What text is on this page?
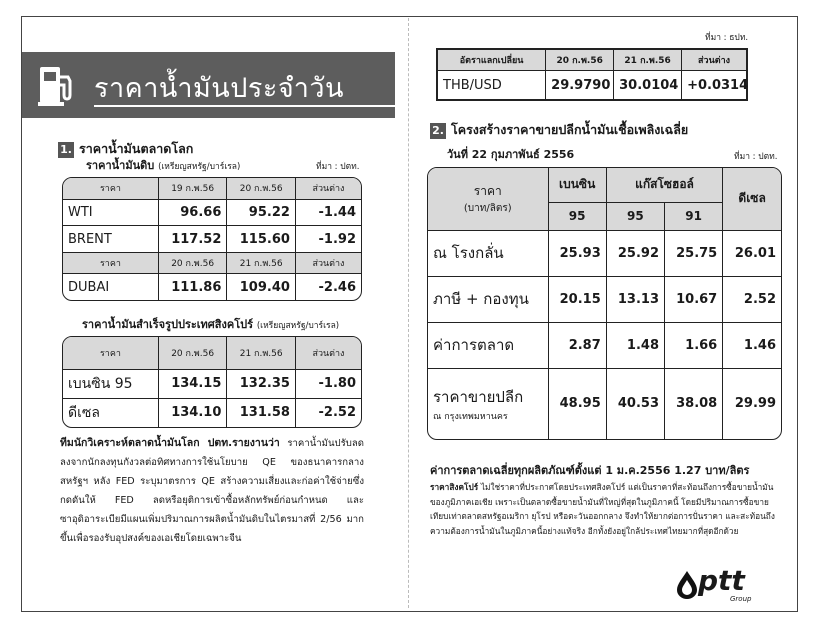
ราคาน้ำมันประจำวัน
1. ราคาน้ำมันตลาดโลก
ราคาน้ำมันดิบ (เหรียญสหรัฐ/บาร์เรล)	ที่มา : ปตท.
ราคา	19 ก.พ.56	20 ก.พ.56	ส่วนต่าง
WTI	96.66	95.22	-1.44
BRENT	117.52	115.60	-1.92
ราคา	20 ก.พ.56	21 ก.พ.56	ส่วนต่าง
DUBAI	111.86	109.40	-2.46
ราคาน้ำมันสำเร็จรูปประเทศสิงคโปร์ (เหรียญสหรัฐ/บาร์เรล)
ราคา	20 ก.พ.56	21 ก.พ.56	ส่วนต่าง
เบนซิน 95	134.15	132.35	-1.80
ดีเซล	134.10	131.58	-2.52
ทีมนักวิเคราะห์ตลาดน้ำมันโลก ปตท.รายงานว่า ราคาน้ำมันปรับลดลงจากนักลงทุนกังวลต่อทิศทางการใช้นโยบาย QE ของธนาคารกลางสหรัฐฯ หลัง FED ระบุมาตรการ QE สร้างความเสี่ยงและก่อค่าใช้จ่ายซึ่งกดดันให้ FED ลดหรือยุติการเข้าซื้อหลักทรัพย์ก่อนกำหนด และซาอุดิอาระเบียมีแผนเพิ่มปริมาณการผลิตน้ำมันดิบในไตรมาสที่ 2/56 มากขึ้นเพื่อรองรับอุปสงค์ของเอเชียโดยเฉพาะจีน
ที่มา : ธปท.
อัตราแลกเปลี่ยน	20 ก.พ.56	21 ก.พ.56	ส่วนต่าง
THB/USD	29.9790	30.0104	+0.0314
2. โครงสร้างราคาขายปลีกน้ำมันเชื้อเพลิงเฉลี่ย
วันที่ 22 กุมภาพันธ์ 2556	ที่มา : ปตท.
ราคา
(บาท/ลิตร)	เบนซิน	แก๊สโซฮอล์		ดีเซล
	95	95	91	
ณ โรงกลั่น	25.93	25.92	25.75	26.01
ภาษี + กองทุน	20.15	13.13	10.67	2.52
ค่าการตลาด	2.87	1.48	1.66	1.46

ราคาขายปลีก
ณ กรุงเทพมหานคร	48.95	40.53	38.08	29.99
ค่าการตลาดเฉลี่ยทุกผลิตภัณฑ์ตั้งแต่ 1 ม.ค.2556 1.27 บาท/ลิตร
ราคาสิงคโปร์ ไม่ใช่ราคาที่ประกาศโดยประเทศสิงคโปร์ แต่เป็นราคาที่สะท้อนถึงการซื้อขายน้ำมันของภูมิภาคเอเชีย เพราะเป็นตลาดซื้อขายน้ำมันที่ใหญ่ที่สุดในภูมิภาคนี้ โดยมีปริมาณการซื้อขายเทียบเท่าตลาดสหรัฐอเมริกา ยุโรป หรือตะวันออกกลาง จึงทำให้ยากต่อการปั่นราคา และสะท้อนถึงความต้องการน้ำมันในภูมิภาคนี้อย่างแท้จริง อีกทั้งยังอยู่ใกล้ประเทศไทยมากที่สุดอีกด้วย
ptt
Group
